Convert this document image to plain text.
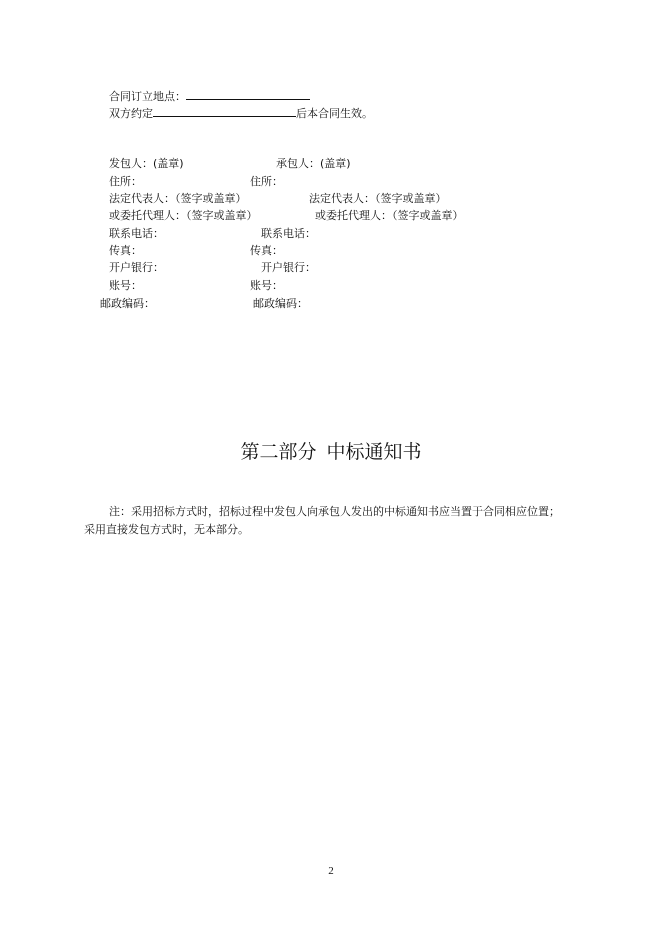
合同订立地点：
双方约定	后本合同生效。
发包人：(盖章)
住所：
法定代表人：（签字或盖章）
或委托代理人：（签字或盖章）
联系电话：
传真：
开户银行：
账号：
邮政编码：
承包人：(盖章)
住所：
法定代表人：（签字或盖章）
或委托代理人：（签字或盖章）
联系电话：
传真：
开户银行：
账号：
邮政编码：
第二部分 中标通知书
注：采用招标方式时，招标过程中发包人向承包人发出的中标通知书应当置于合同相应位置；
采用直接发包方式时，无本部分。
2
